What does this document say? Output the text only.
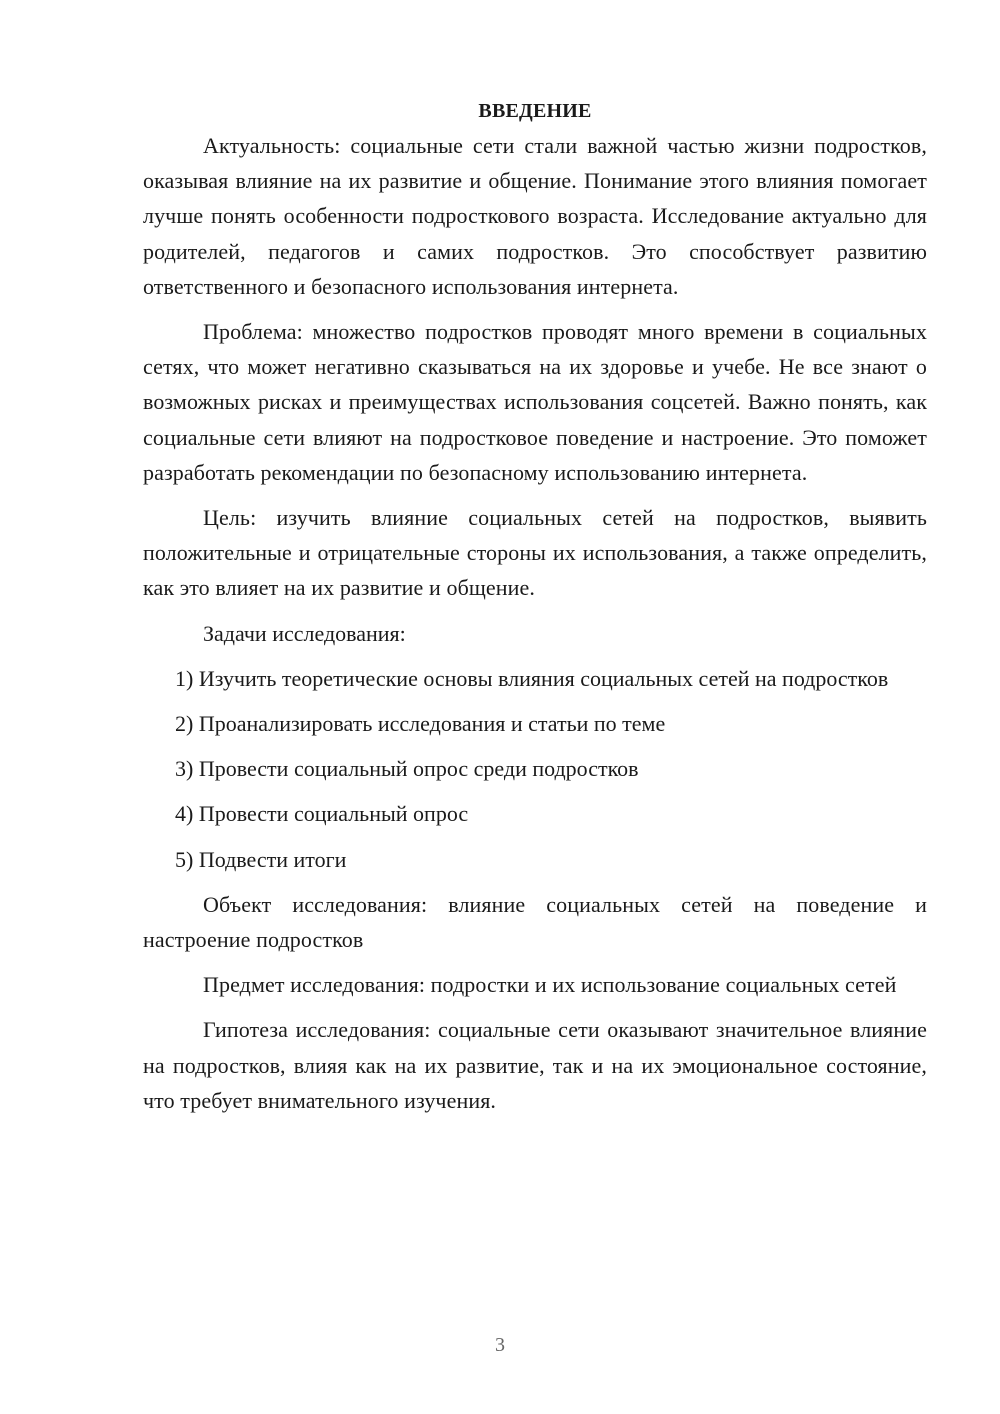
ВВЕДЕНИЕ

Актуальность: социальные сети стали важной частью жизни подростков, оказывая влияние на их развитие и общение. Понимание этого влияния помогает лучше понять особенности подросткового возраста. Исследование актуально для родителей, педагогов и самих подростков. Это способствует развитию ответственного и безопасного использования интернета.

Проблема: множество подростков проводят много времени в социальных сетях, что может негативно сказываться на их здоровье и учебе. Не все знают о возможных рисках и преимуществах использования соцсетей. Важно понять, как социальные сети влияют на подростковое поведение и настроение. Это поможет разработать рекомендации по безопасному использованию интернета.

Цель: изучить влияние социальных сетей на подростков, выявить положительные и отрицательные стороны их использования, а также определить, как это влияет на их развитие и общение.

Задачи исследования:

1) Изучить теоретические основы влияния социальных сетей на подростков

2) Проанализировать исследования и статьи по теме

3) Провести социальный опрос среди подростков

4) Провести социальный опрос

5) Подвести итоги

Объект исследования: влияние социальных сетей на поведение и настроение подростков

Предмет исследования: подростки и их использование социальных сетей

Гипотеза исследования: социальные сети оказывают значительное влияние на подростков, влияя как на их развитие, так и на их эмоциональное состояние, что требует внимательного изучения.

3
